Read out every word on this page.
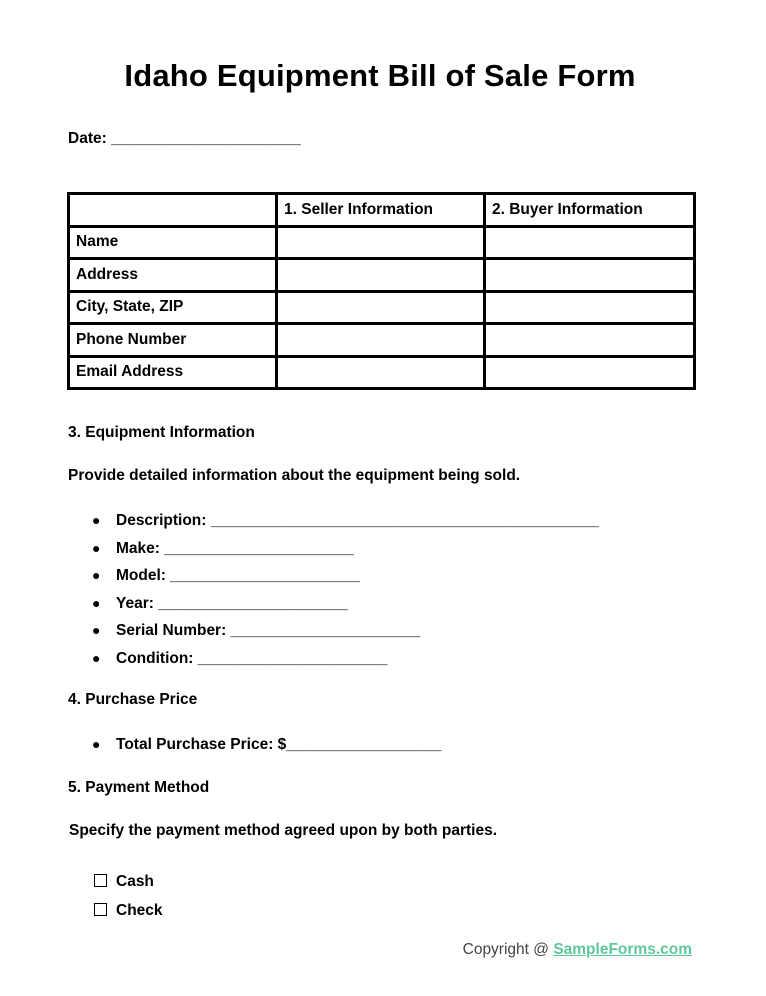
Idaho Equipment Bill of Sale Form
Date: ______________________
	1. Seller Information	2. Buyer Information
Name		
Address		
City, State, ZIP		
Phone Number		
Email Address		
3. Equipment Information
Provide detailed information about the equipment being sold.
● Description: _____________________________________________
● Make: ______________________
● Model: ______________________
● Year: ______________________
● Serial Number: ______________________
● Condition: ______________________
4. Purchase Price
● Total Purchase Price: $__________________
5. Payment Method
Specify the payment method agreed upon by both parties.
Cash
Check
Copyright @ SampleForms.com
